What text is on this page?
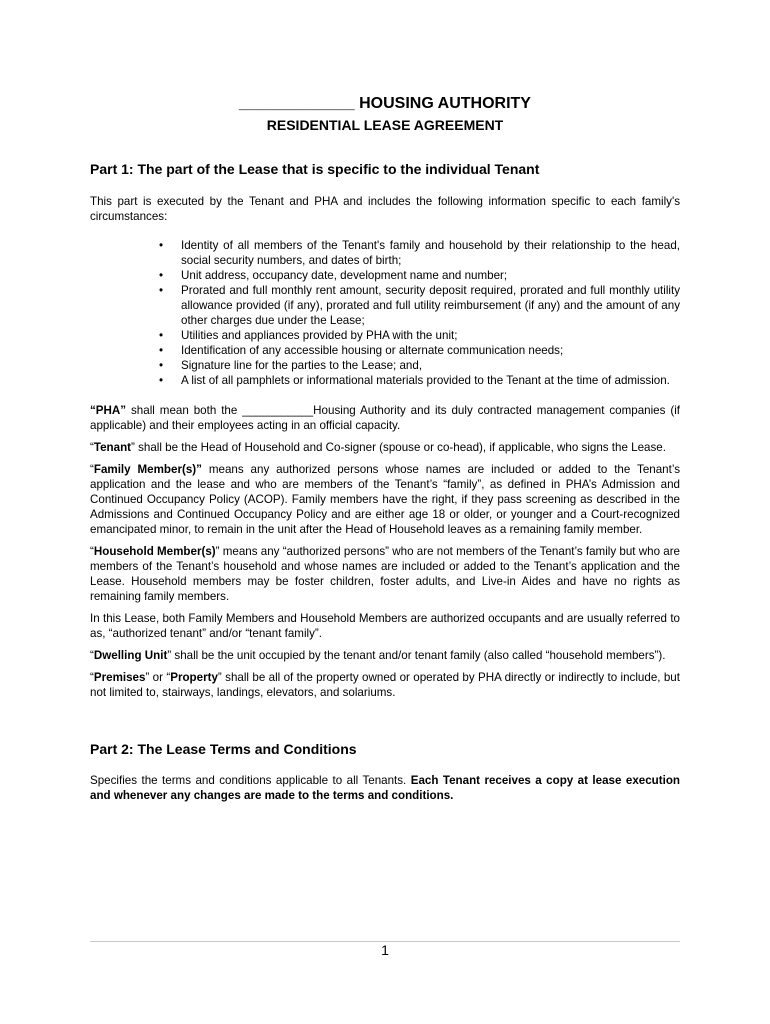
_____________ HOUSING AUTHORITY
RESIDENTIAL LEASE AGREEMENT
Part 1: The part of the Lease that is specific to the individual Tenant

This part is executed by the Tenant and PHA and includes the following information specific to each family's circumstances:

• Identity of all members of the Tenant's family and household by their relationship to the head, social security numbers, and dates of birth;
• Unit address, occupancy date, development name and number;
• Prorated and full monthly rent amount, security deposit required, prorated and full monthly utility allowance provided (if any), prorated and full utility reimbursement (if any) and the amount of any other charges due under the Lease;
• Utilities and appliances provided by PHA with the unit;
• Identification of any accessible housing or alternate communication needs;
• Signature line for the parties to the Lease; and,
• A list of all pamphlets or informational materials provided to the Tenant at the time of admission.

“PHA” shall mean both the ___________Housing Authority and its duly contracted management companies (if applicable) and their employees acting in an official capacity.

“Tenant” shall be the Head of Household and Co-signer (spouse or co-head), if applicable, who signs the Lease.

“Family Member(s)” means any authorized persons whose names are included or added to the Tenant’s application and the lease and who are members of the Tenant’s “family”, as defined in PHA’s Admission and Continued Occupancy Policy (ACOP). Family members have the right, if they pass screening as described in the Admissions and Continued Occupancy Policy and are either age 18 or older, or younger and a Court-recognized emancipated minor, to remain in the unit after the Head of Household leaves as a remaining family member.

“Household Member(s)” means any “authorized persons” who are not members of the Tenant’s family but who are members of the Tenant’s household and whose names are included or added to the Tenant’s application and the Lease. Household members may be foster children, foster adults, and Live-in Aides and have no rights as remaining family members.

In this Lease, both Family Members and Household Members are authorized occupants and are usually referred to as, “authorized tenant” and/or “tenant family”.

“Dwelling Unit” shall be the unit occupied by the tenant and/or tenant family (also called “household members”).

“Premises” or “Property” shall be all of the property owned or operated by PHA directly or indirectly to include, but not limited to, stairways, landings, elevators, and solariums.

Part 2: The Lease Terms and Conditions

Specifies the terms and conditions applicable to all Tenants. Each Tenant receives a copy at lease execution and whenever any changes are made to the terms and conditions.

1
